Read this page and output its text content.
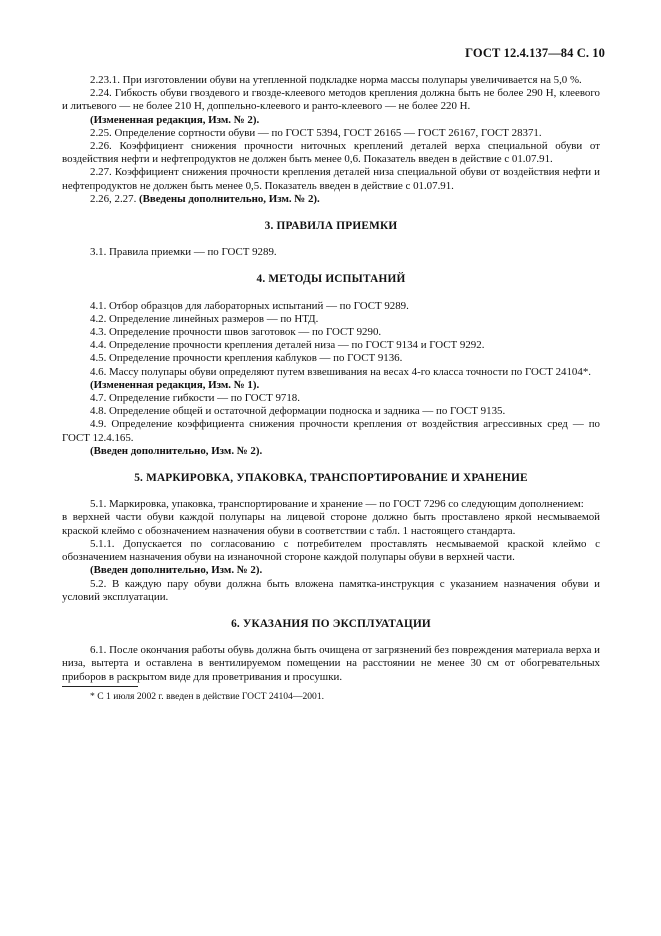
ГОСТ 12.4.137—84 С. 10

2.23.1. При изготовлении обуви на утепленной подкладке норма массы полупары увеличивается на 5,0 %.

2.24. Гибкость обуви гвоздевого и гвоздe-клеевого методов крепления должна быть не более 290 Н, клеевого и литьевого — не более 210 Н, доппельно-клеевого и ранто-клеевого — не более 220 Н.

(Измененная редакция, Изм. № 2).

2.25. Определение сортности обуви — по ГОСТ 5394, ГОСТ 26165 — ГОСТ 26167, ГОСТ 28371.

2.26. Коэффициент снижения прочности ниточных креплений деталей верха специальной обуви от воздействия нефти и нефтепродуктов не должен быть менее 0,6. Показатель введен в действие с 01.07.91.

2.27. Коэффициент снижения прочности крепления деталей низа специальной обуви от воздействия нефти и нефтепродуктов не должен быть менее 0,5. Показатель введен в действие с 01.07.91.

2.26, 2.27. (Введены дополнительно, Изм. № 2).

3. ПРАВИЛА ПРИЕМКИ

3.1. Правила приемки — по ГОСТ 9289.

4. МЕТОДЫ ИСПЫТАНИЙ

4.1. Отбор образцов для лабораторных испытаний — по ГОСТ 9289.

4.2. Определение линейных размеров — по НТД.

4.3. Определение прочности швов заготовок — по ГОСТ 9290.

4.4. Определение прочности крепления деталей низа — по ГОСТ 9134 и ГОСТ 9292.

4.5. Определение прочности крепления каблуков — по ГОСТ 9136.

4.6. Массу полупары обуви определяют путем взвешивания на весах 4-го класса точности по ГОСТ 24104*.

(Измененная редакция, Изм. № 1).

4.7. Определение гибкости — по ГОСТ 9718.

4.8. Определение общей и остаточной деформации подноска и задника — по ГОСТ 9135.

4.9. Определение коэффициента снижения прочности крепления от воздействия агрессивных сред — по ГОСТ 12.4.165.

(Введен дополнительно, Изм. № 2).

5. МАРКИРОВКА, УПАКОВКА, ТРАНСПОРТИРОВАНИЕ И ХРАНЕНИЕ

5.1. Маркировка, упаковка, транспортирование и хранение — по ГОСТ 7296 со следующим дополнением:

в верхней части обуви каждой полупары на лицевой стороне должно быть проставлено яркой несмываемой краской клеймо с обозначением назначения обуви в соответствии с табл. 1 настоящего стандарта.

5.1.1. Допускается по согласованию с потребителем проставлять несмываемой краской клеймо с обозначением назначения обуви на изнаночной стороне каждой полупары обуви в верхней части.

(Введен дополнительно, Изм. № 2).

5.2. В каждую пару обуви должна быть вложена памятка-инструкция с указанием назначения обуви и условий эксплуатации.

6. УКАЗАНИЯ ПО ЭКСПЛУАТАЦИИ

6.1. После окончания работы обувь должна быть очищена от загрязнений без повреждения материала верха и низа, вытерта и оставлена в вентилируемом помещении на расстоянии не менее 30 см от обогревательных приборов в раскрытом виде для проветривания и просушки.

* С 1 июля 2002 г. введен в действие ГОСТ 24104—2001.
